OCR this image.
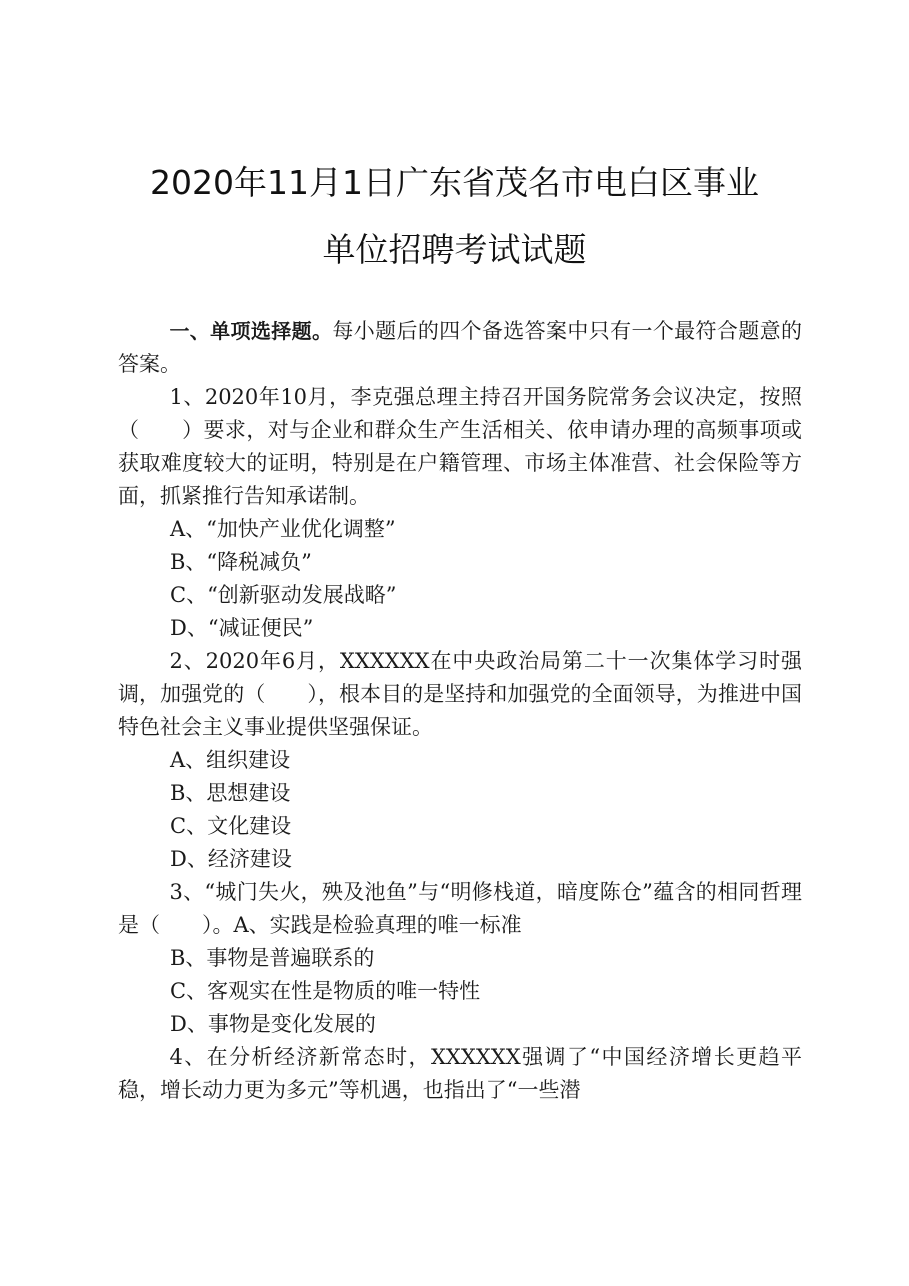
2020年11月1日广东省茂名市电白区事业
单位招聘考试试题

一、单项选择题。每小题后的四个备选答案中只有一个最符合题意的答案。

1、2020年10月，李克强总理主持召开国务院常务会议决定，按照（　　）要求，对与企业和群众生产生活相关、依申请办理的高频事项或获取难度较大的证明，特别是在户籍管理、市场主体准营、社会保险等方面，抓紧推行告知承诺制。

A、“加快产业优化调整”

B、“降税减负”

C、“创新驱动发展战略”

D、“减证便民”

2、2020年6月，XXXXXX在中央政治局第二十一次集体学习时强调，加强党的（　　），根本目的是坚持和加强党的全面领导，为推进中国特色社会主义事业提供坚强保证。

A、组织建设

B、思想建设

C、文化建设

D、经济建设

3、“城门失火，殃及池鱼”与“明修栈道，暗度陈仓”蕴含的相同哲理是（　　）。A、实践是检验真理的唯一标准

B、事物是普遍联系的

C、客观实在性是物质的唯一特性

D、事物是变化发展的

4、在分析经济新常态时，XXXXXX强调了“中国经济增长更趋平稳，增长动力更为多元”等机遇，也指出了“一些潜
